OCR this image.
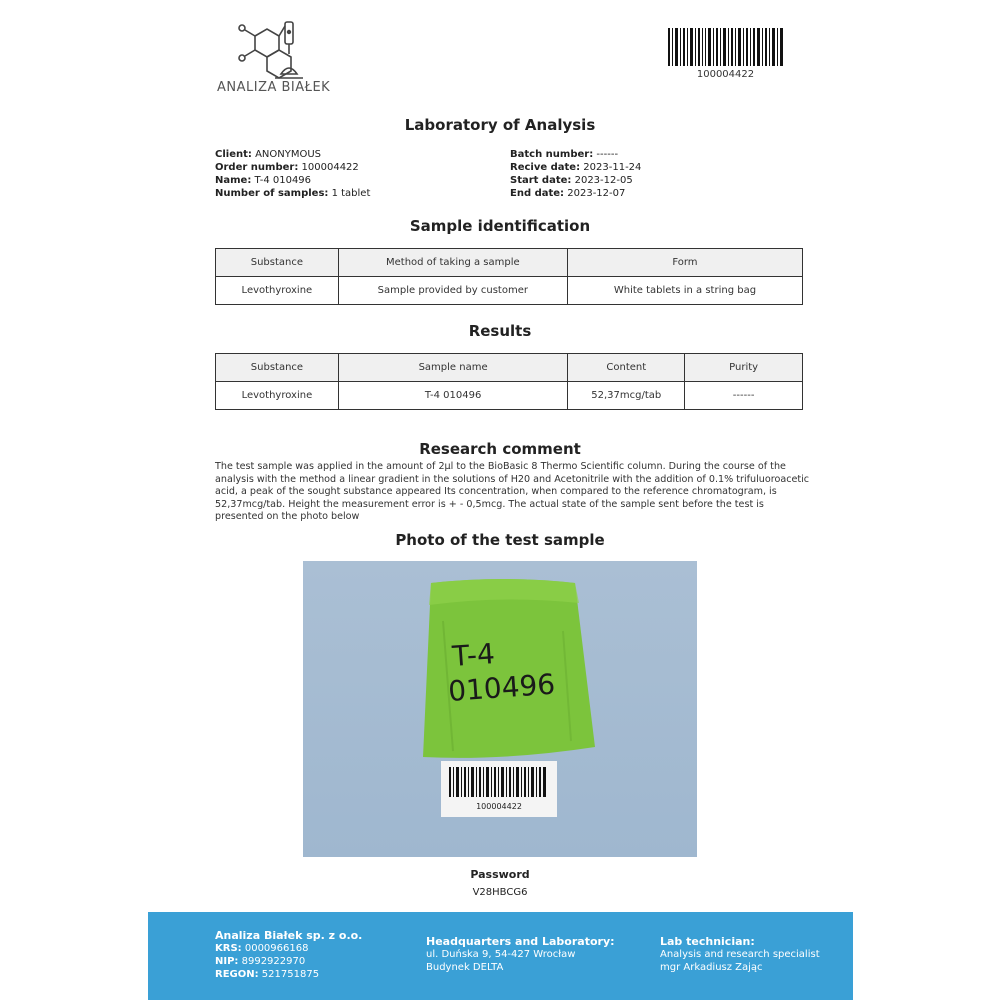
ANALIZA BIAŁEK
100004422
Laboratory of Analysis
Client: ANONYMOUS
Order number: 100004422
Name: T-4 010496
Number of samples: 1 tablet
Batch number: ------
Recive date: 2023-11-24
Start date: 2023-12-05
End date: 2023-12-07
Sample identification
Substance	Method of taking a sample	Form
Levothyroxine	Sample provided by customer	White tablets in a string bag
Results
Substance	Sample name	Content	Purity
Levothyroxine	T-4 010496	52,37mcg/tab	------
Research comment
The test sample was applied in the amount of 2µl to the BioBasic 8 Thermo Scientific column. During the course of the analysis with the method a linear gradient in the solutions of H20 and Acetonitrile with the addition of 0.1% trifuluoroacetic acid, a peak of the sought substance appeared Its concentration, when compared to the reference chromatogram, is 52,37mcg/tab. Height the measurement error is + - 0,5mcg. The actual state of the sample sent before the test is presented on the photo below
Photo of the test sample
T-4
010496
100004422
Password
V28HBCG6
Analiza Białek sp. z o.o.
KRS: 0000966168
NIP: 8992922970
REGON: 521751875
Headquarters and Laboratory:
ul. Duńska 9, 54-427 Wrocław
Budynek DELTA
Lab technician:
Analysis and research specialist
mgr Arkadiusz Zając
